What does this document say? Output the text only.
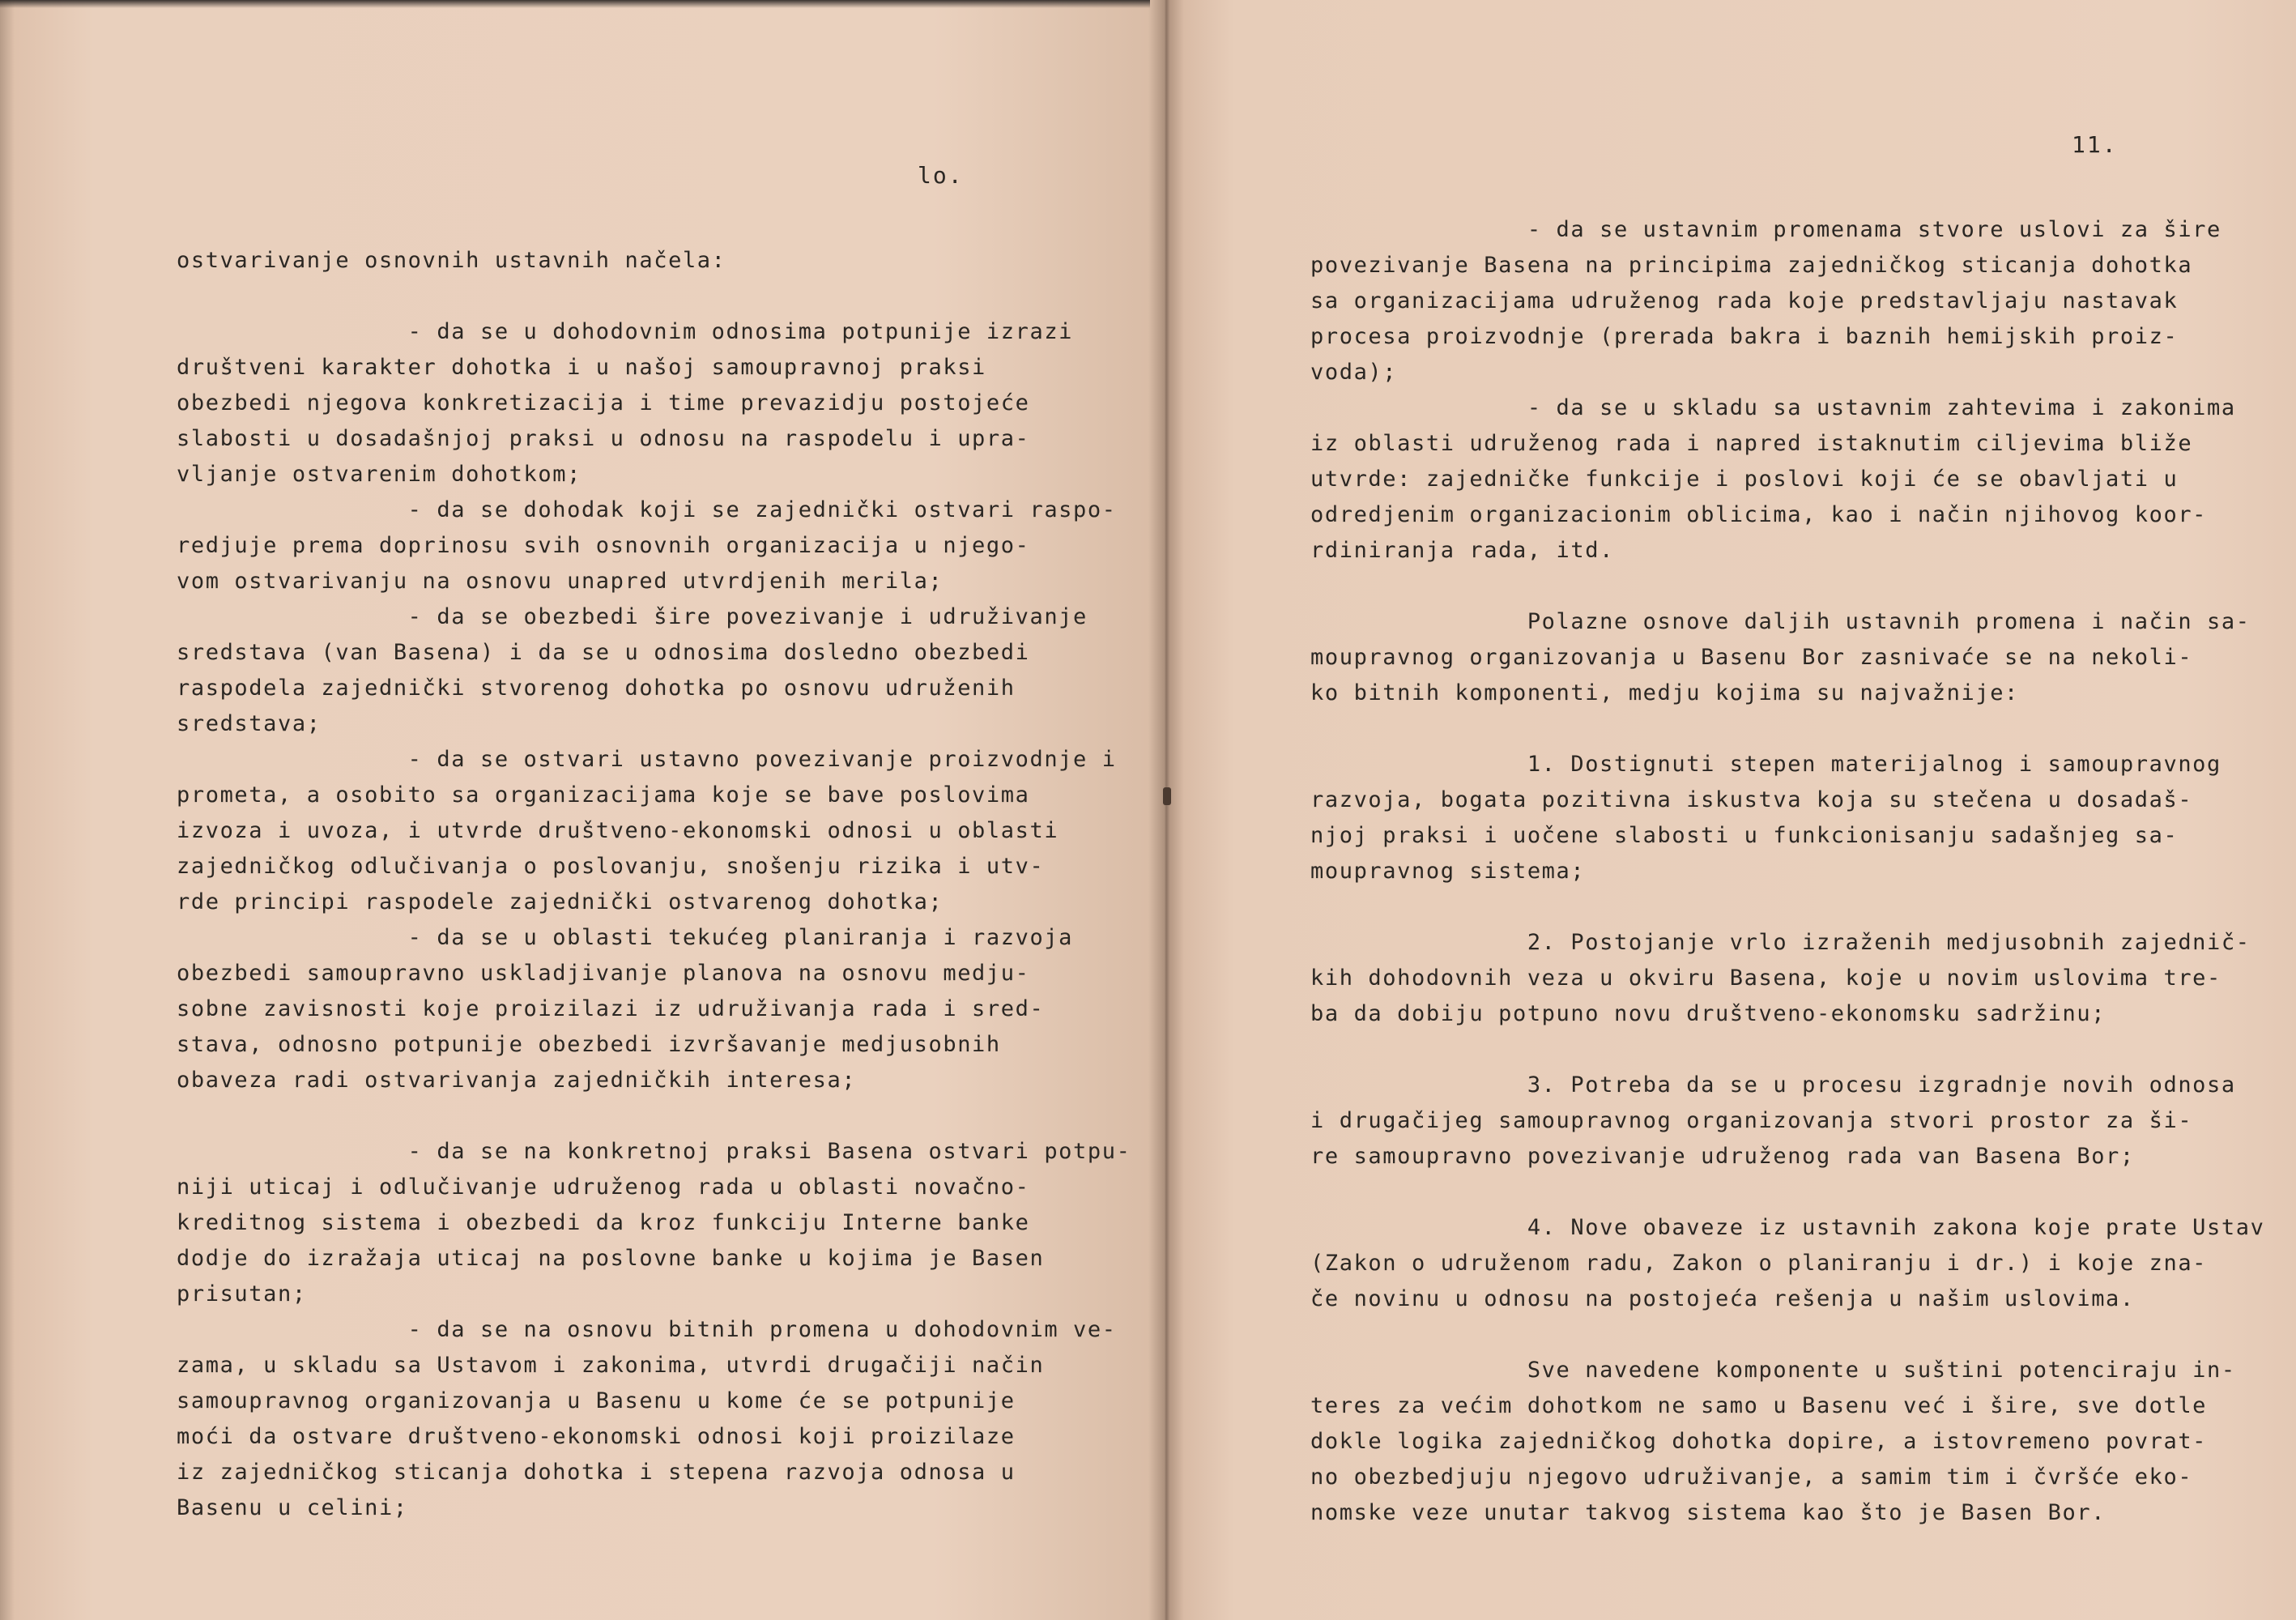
lo.
ostvarivanje osnovnih ustavnih načela:

- da se u dohodovnim odnosima potpunije izrazi
društveni karakter dohotka i u našoj samoupravnoj praksi
obezbedi njegova konkretizacija i time prevazidju postojeće
slabosti u dosadašnjoj praksi u odnosu na raspodelu i upra-
vljanje ostvarenim dohotkom;
- da se dohodak koji se zajednički ostvari raspo-
redjuje prema doprinosu svih osnovnih organizacija u njego-
vom ostvarivanju na osnovu unapred utvrdjenih merila;
- da se obezbedi šire povezivanje i udruživanje
sredstava (van Basena) i da se u odnosima dosledno obezbedi
raspodela zajednički stvorenog dohotka po osnovu udruženih
sredstava;
- da se ostvari ustavno povezivanje proizvodnje i
prometa, a osobito sa organizacijama koje se bave poslovima
izvoza i uvoza, i utvrde društveno-ekonomski odnosi u oblasti
zajedničkog odlučivanja o poslovanju, snošenju rizika i utv-
rde principi raspodele zajednički ostvarenog dohotka;
- da se u oblasti tekućeg planiranja i razvoja
obezbedi samoupravno uskladjivanje planova na osnovu medju-
sobne zavisnosti koje proizilazi iz udruživanja rada i sred-
stava, odnosno potpunije obezbedi izvršavanje medjusobnih
obaveza radi ostvarivanja zajedničkih interesa;

- da se na konkretnoj praksi Basena ostvari potpu-
niji uticaj i odlučivanje udruženog rada u oblasti novačno-
kreditnog sistema i obezbedi da kroz funkciju Interne banke
dodje do izražaja uticaj na poslovne banke u kojima je Basen
prisutan;
- da se na osnovu bitnih promena u dohodovnim ve-
zama, u skladu sa Ustavom i zakonima, utvrdi drugačiji način
samoupravnog organizovanja u Basenu u kome će se potpunije
moći da ostvare društveno-ekonomski odnosi koji proizilaze
iz zajedničkog sticanja dohotka i stepena razvoja odnosa u
Basenu u celini;
11.
- da se ustavnim promenama stvore uslovi za šire
povezivanje Basena na principima zajedničkog sticanja dohotka
sa organizacijama udruženog rada koje predstavljaju nastavak
procesa proizvodnje (prerada bakra i baznih hemijskih proiz-
voda);
- da se u skladu sa ustavnim zahtevima i zakonima
iz oblasti udruženog rada i napred istaknutim ciljevima bliže
utvrde: zajedničke funkcije i poslovi koji će se obavljati u
odredjenim organizacionim oblicima, kao i način njihovog koor-
rdiniranja rada, itd.

Polazne osnove daljih ustavnih promena i način sa-
moupravnog organizovanja u Basenu Bor zasnivaće se na nekoli-
ko bitnih komponenti, medju kojima su najvažnije:

1. Dostignuti stepen materijalnog i samoupravnog
razvoja, bogata pozitivna iskustva koja su stečena u dosadaš-
njoj praksi i uočene slabosti u funkcionisanju sadašnjeg sa-
moupravnog sistema;

2. Postojanje vrlo izraženih medjusobnih zajednič-
kih dohodovnih veza u okviru Basena, koje u novim uslovima tre-
ba da dobiju potpuno novu društveno-ekonomsku sadržinu;

3. Potreba da se u procesu izgradnje novih odnosa
i drugačijeg samoupravnog organizovanja stvori prostor za ši-
re samoupravno povezivanje udruženog rada van Basena Bor;

4. Nove obaveze iz ustavnih zakona koje prate Ustav
(Zakon o udruženom radu, Zakon o planiranju i dr.) i koje zna-
če novinu u odnosu na postojeća rešenja u našim uslovima.

Sve navedene komponente u suštini potenciraju in-
teres za većim dohotkom ne samo u Basenu već i šire, sve dotle
dokle logika zajedničkog dohotka dopire, a istovremeno povrat-
no obezbedjuju njegovo udruživanje, a samim tim i čvršće eko-
nomske veze unutar takvog sistema kao što je Basen Bor.
